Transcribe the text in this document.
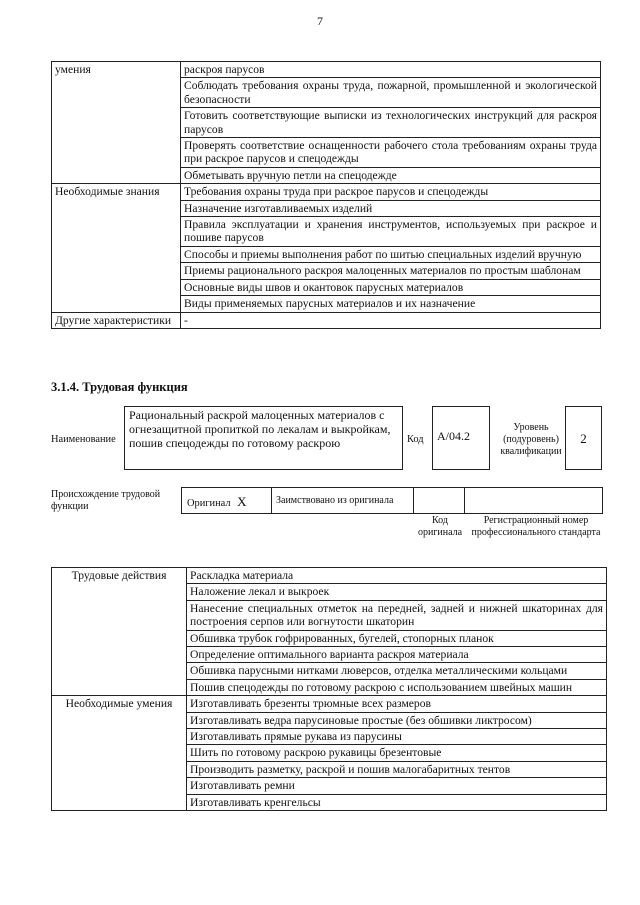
7
умения	раскроя парусов
	Соблюдать требования охраны труда, пожарной, промышленной и экологической безопасности
	Готовить соответствующие выписки из технологических инструкций для раскроя парусов
	Проверять соответствие оснащенности рабочего стола требованиям охраны труда при раскрое парусов и спецодежды
	Обметывать вручную петли на спецодежде
Необходимые знания	Требования охраны труда при раскрое парусов и спецодежды
	Назначение изготавливаемых изделий
	Правила эксплуатации и хранения инструментов, используемых при раскрое и пошиве парусов
	Способы и приемы выполнения работ по шитью специальных изделий вручную
	Приемы рационального раскроя малоценных материалов по простым шаблонам
	Основные виды швов и окантовок парусных материалов
	Виды применяемых парусных материалов и их назначение
Другие характеристики	-
3.1.4. Трудовая функция
Наименование
Рациональный раскрой малоценных материалов с огнезащитной пропиткой по лекалам и выкройкам, пошив спецодежды по готовому раскрою	Код	А/04.2
Уровень (подуровень) квалификации
2
Происхождение трудовой функции	Оригинал X	Заимствовано из оригинала
Код оригинала
Регистрационный номер профессионального стандарта
Трудовые действия	Раскладка материала
	Наложение лекал и выкроек
	Нанесение специальных отметок на передней, задней и нижней шкаторинах для построения серпов или вогнутости шкаторин
	Обшивка трубок гофрированных, бугелей, стопорных планок
	Определение оптимального варианта раскроя материала
	Обшивка парусными нитками люверсов, отделка металлическими кольцами
	Пошив спецодежды по готовому раскрою с использованием швейных машин
Необходимые умения	Изготавливать брезенты трюмные всех размеров
	Изготавливать ведра парусиновые простые (без обшивки ликтросом)
	Изготавливать прямые рукава из парусины
	Шить по готовому раскрою рукавицы брезентовые
	Производить разметку, раскрой и пошив малогабаритных тентов
	Изготавливать ремни
	Изготавливать кренгельсы
